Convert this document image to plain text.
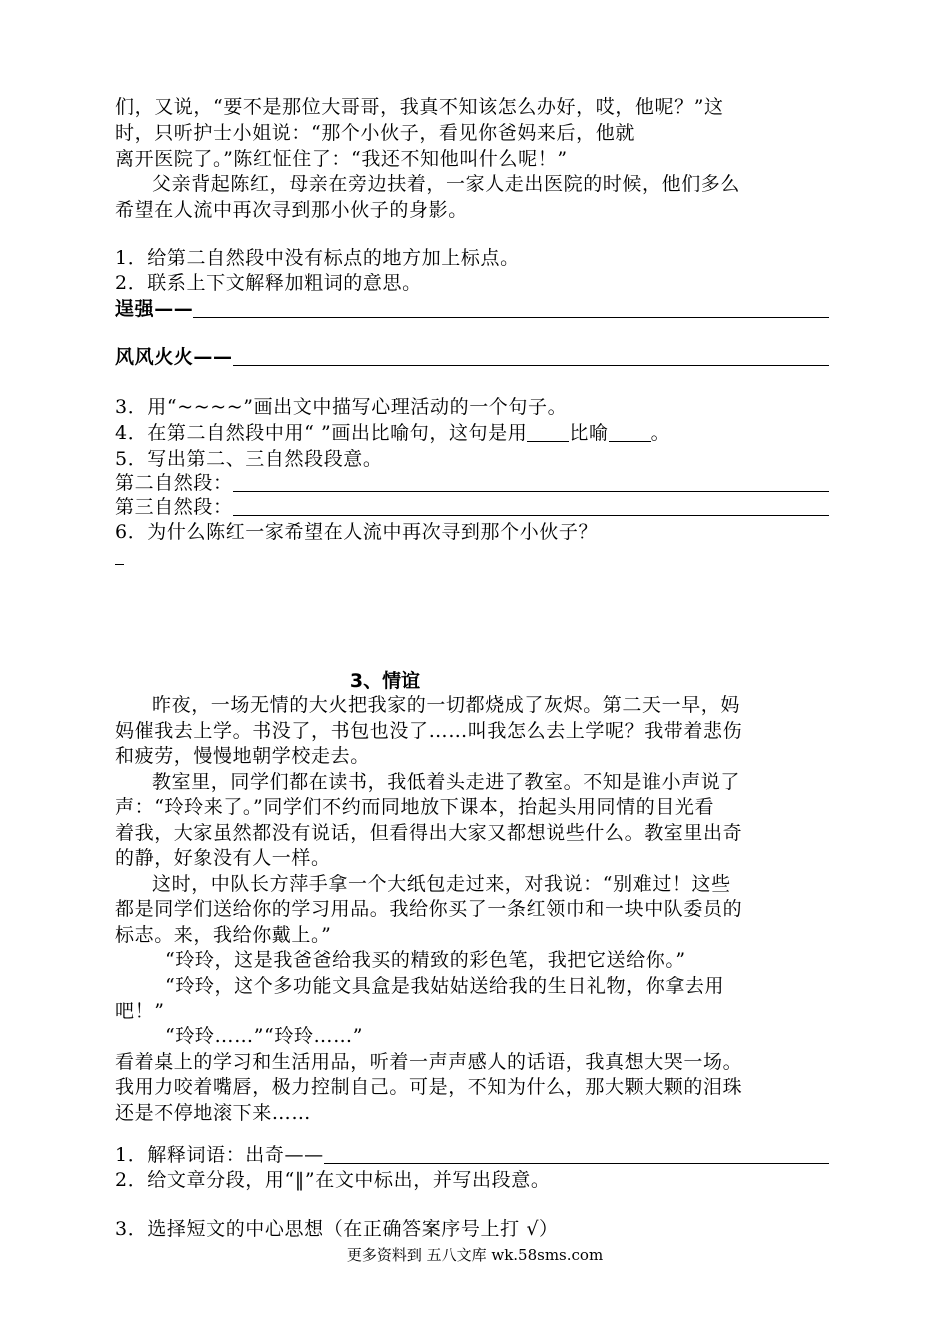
们，又说，“要不是那位大哥哥，我真不知该怎么办好，哎，他呢？”这
时，只听护士小姐说：“那个小伙子，看见你爸妈来后，他就
离开医院了。”陈红怔住了：“我还不知他叫什么呢！”
父亲背起陈红，母亲在旁边扶着，一家人走出医院的时候，他们多么
希望在人流中再次寻到那小伙子的身影。
1．给第二自然段中没有标点的地方加上标点。
2．联系上下文解释加粗词的意思。
逞强——
风风火火——
3．用“~~~~”画出文中描写心理活动的一个句子。
4．在第二自然段中用“ ”画出比喻句，这句是用 比喻 。
5．写出第二、三自然段段意。
第二自然段：
第三自然段：
6．为什么陈红一家希望在人流中再次寻到那个小伙子？
3、情谊
昨夜，一场无情的大火把我家的一切都烧成了灰烬。第二天一早，妈
妈催我去上学。书没了，书包也没了……叫我怎么去上学呢？我带着悲伤
和疲劳，慢慢地朝学校走去。
教室里，同学们都在读书，我低着头走进了教室。不知是谁小声说了
声：“玲玲来了。”同学们不约而同地放下课本，抬起头用同情的目光看
着我，大家虽然都没有说话，但看得出大家又都想说些什么。教室里出奇
的静，好象没有人一样。
这时，中队长方萍手拿一个大纸包走过来，对我说：“别难过！这些
都是同学们送给你的学习用品。我给你买了一条红领巾和一块中队委员的
标志。来，我给你戴上。”
“玲玲，这是我爸爸给我买的精致的彩色笔，我把它送给你。”
“玲玲，这个多功能文具盒是我姑姑送给我的生日礼物，你拿去用
吧！”
“玲玲……”“玲玲……”
看着桌上的学习和生活用品，听着一声声感人的话语，我真想大哭一场。
我用力咬着嘴唇，极力控制自己。可是，不知为什么，那大颗大颗的泪珠
还是不停地滚下来……
1．解释词语：出奇——
2．给文章分段，用“‖”在文中标出，并写出段意。
3．选择短文的中心思想（在正确答案序号上打 √）
更多资料到 五八文库 wk.58sms.com
